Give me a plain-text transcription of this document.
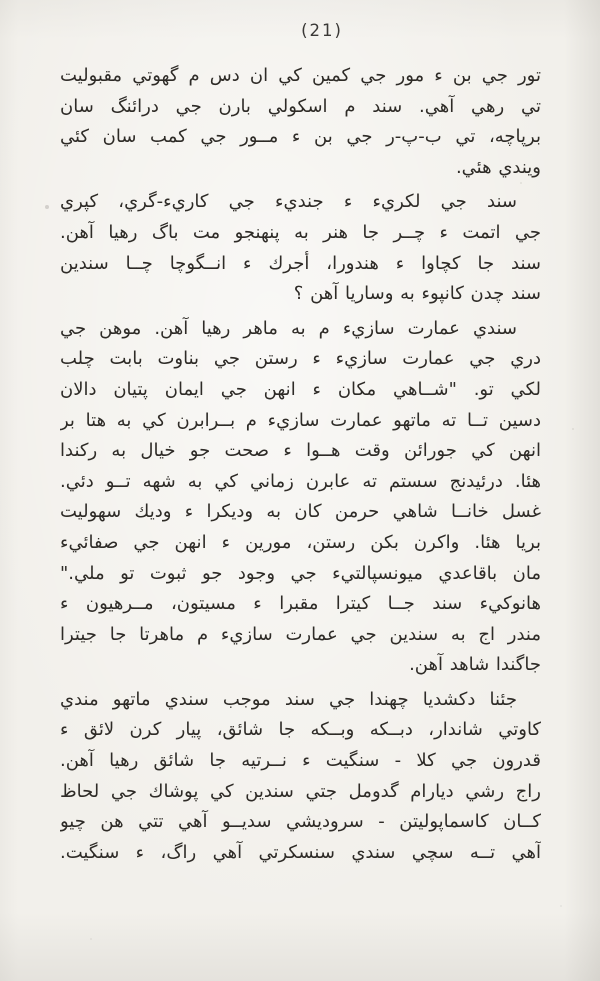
(21)
تور جي بن ء مور جي كمين كي ان دس م گهوتي مقبوليت
تي رهي آهي. سند م اسكولي بارن جي درائنگ سان
برپاچه، تي ب-پ-ر جي بن ء مــور جي كمب سان كئي
ويندي هئي.
سند جي لكريء ء جنديء جي كاريء-گري، كپري
جي اتمت ء چــر جا هنر به پنهنجو مت باگ رهيا آهن.
سند جا كچاوا ء هندورا، أجرك ء انــگوچا چــا سندين
سند چدن كانپوء به وساريا آهن ؟
سندي عمارت سازيء م به ماهر رهيا آهن. موهن جي
دري جي عمارت سازيء ء رستن جي بناوت بابت چلب
لكي تو. "شــاهي مكان ء انهن جي ايمان پتيان دالان
دسين تــا ته ماتهو عمارت سازيء م بــرابرن كي به هتا بر
انهن كي جورائن وقت هــوا ء صحت جو خيال به ركندا
هئا. درئيدنج سستم ته عابرن زماني كي به شهه تــو دئي.
غسل خانــا شاهي حرمن كان به وديكرا ء وديك سهوليت
بريا هئا. واكرن بكن رستن، مورين ء انهن جي صفائيء
مان باقاعدي ميونسپالتيء جي وجود جو ثبوت تو ملي."
هانوكيء سند جــا كيترا مقبرا ء مسيتون، مــرهيون ء
مندر اج به سندين جي عمارت سازيء م ماهرتا جا جيترا
جاگندا شاهد آهن.
جئنا دكشديا چهندا جي سند موجب سندي ماتهو مندي
كاوتي شاندار، دبــكه وبــكه جا شائق، پيار كرن لائق ء
قدرون جي كلا - سنگيت ء نــرتيه جا شائق رهيا آهن.
راج رشي ديارام گدومل جتي سندين كي پوشاك جي لحاظ
كــان كاسماپوليتن - سروديشي سديــو آهي تتي هن چيو
آهي تــه سچي سندي سنسكرتي آهي راگ، ء سنگيت.
